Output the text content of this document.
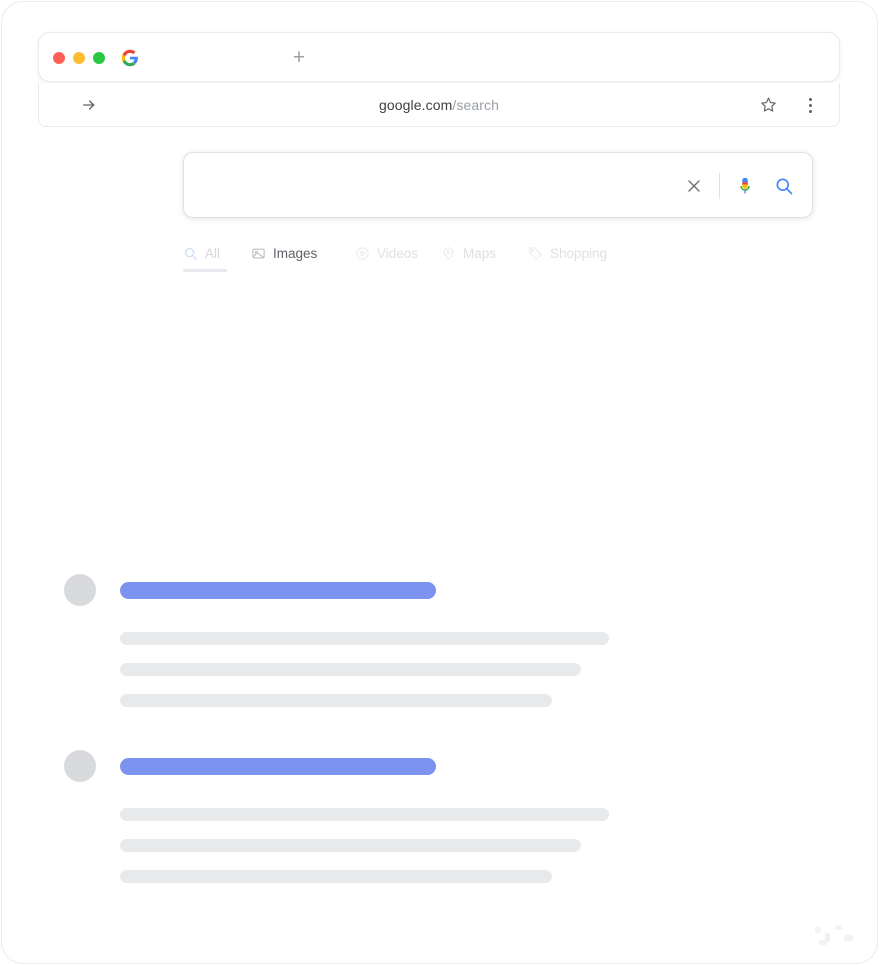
+
google.com/search
All	Images	Videos	Maps	Shopping
